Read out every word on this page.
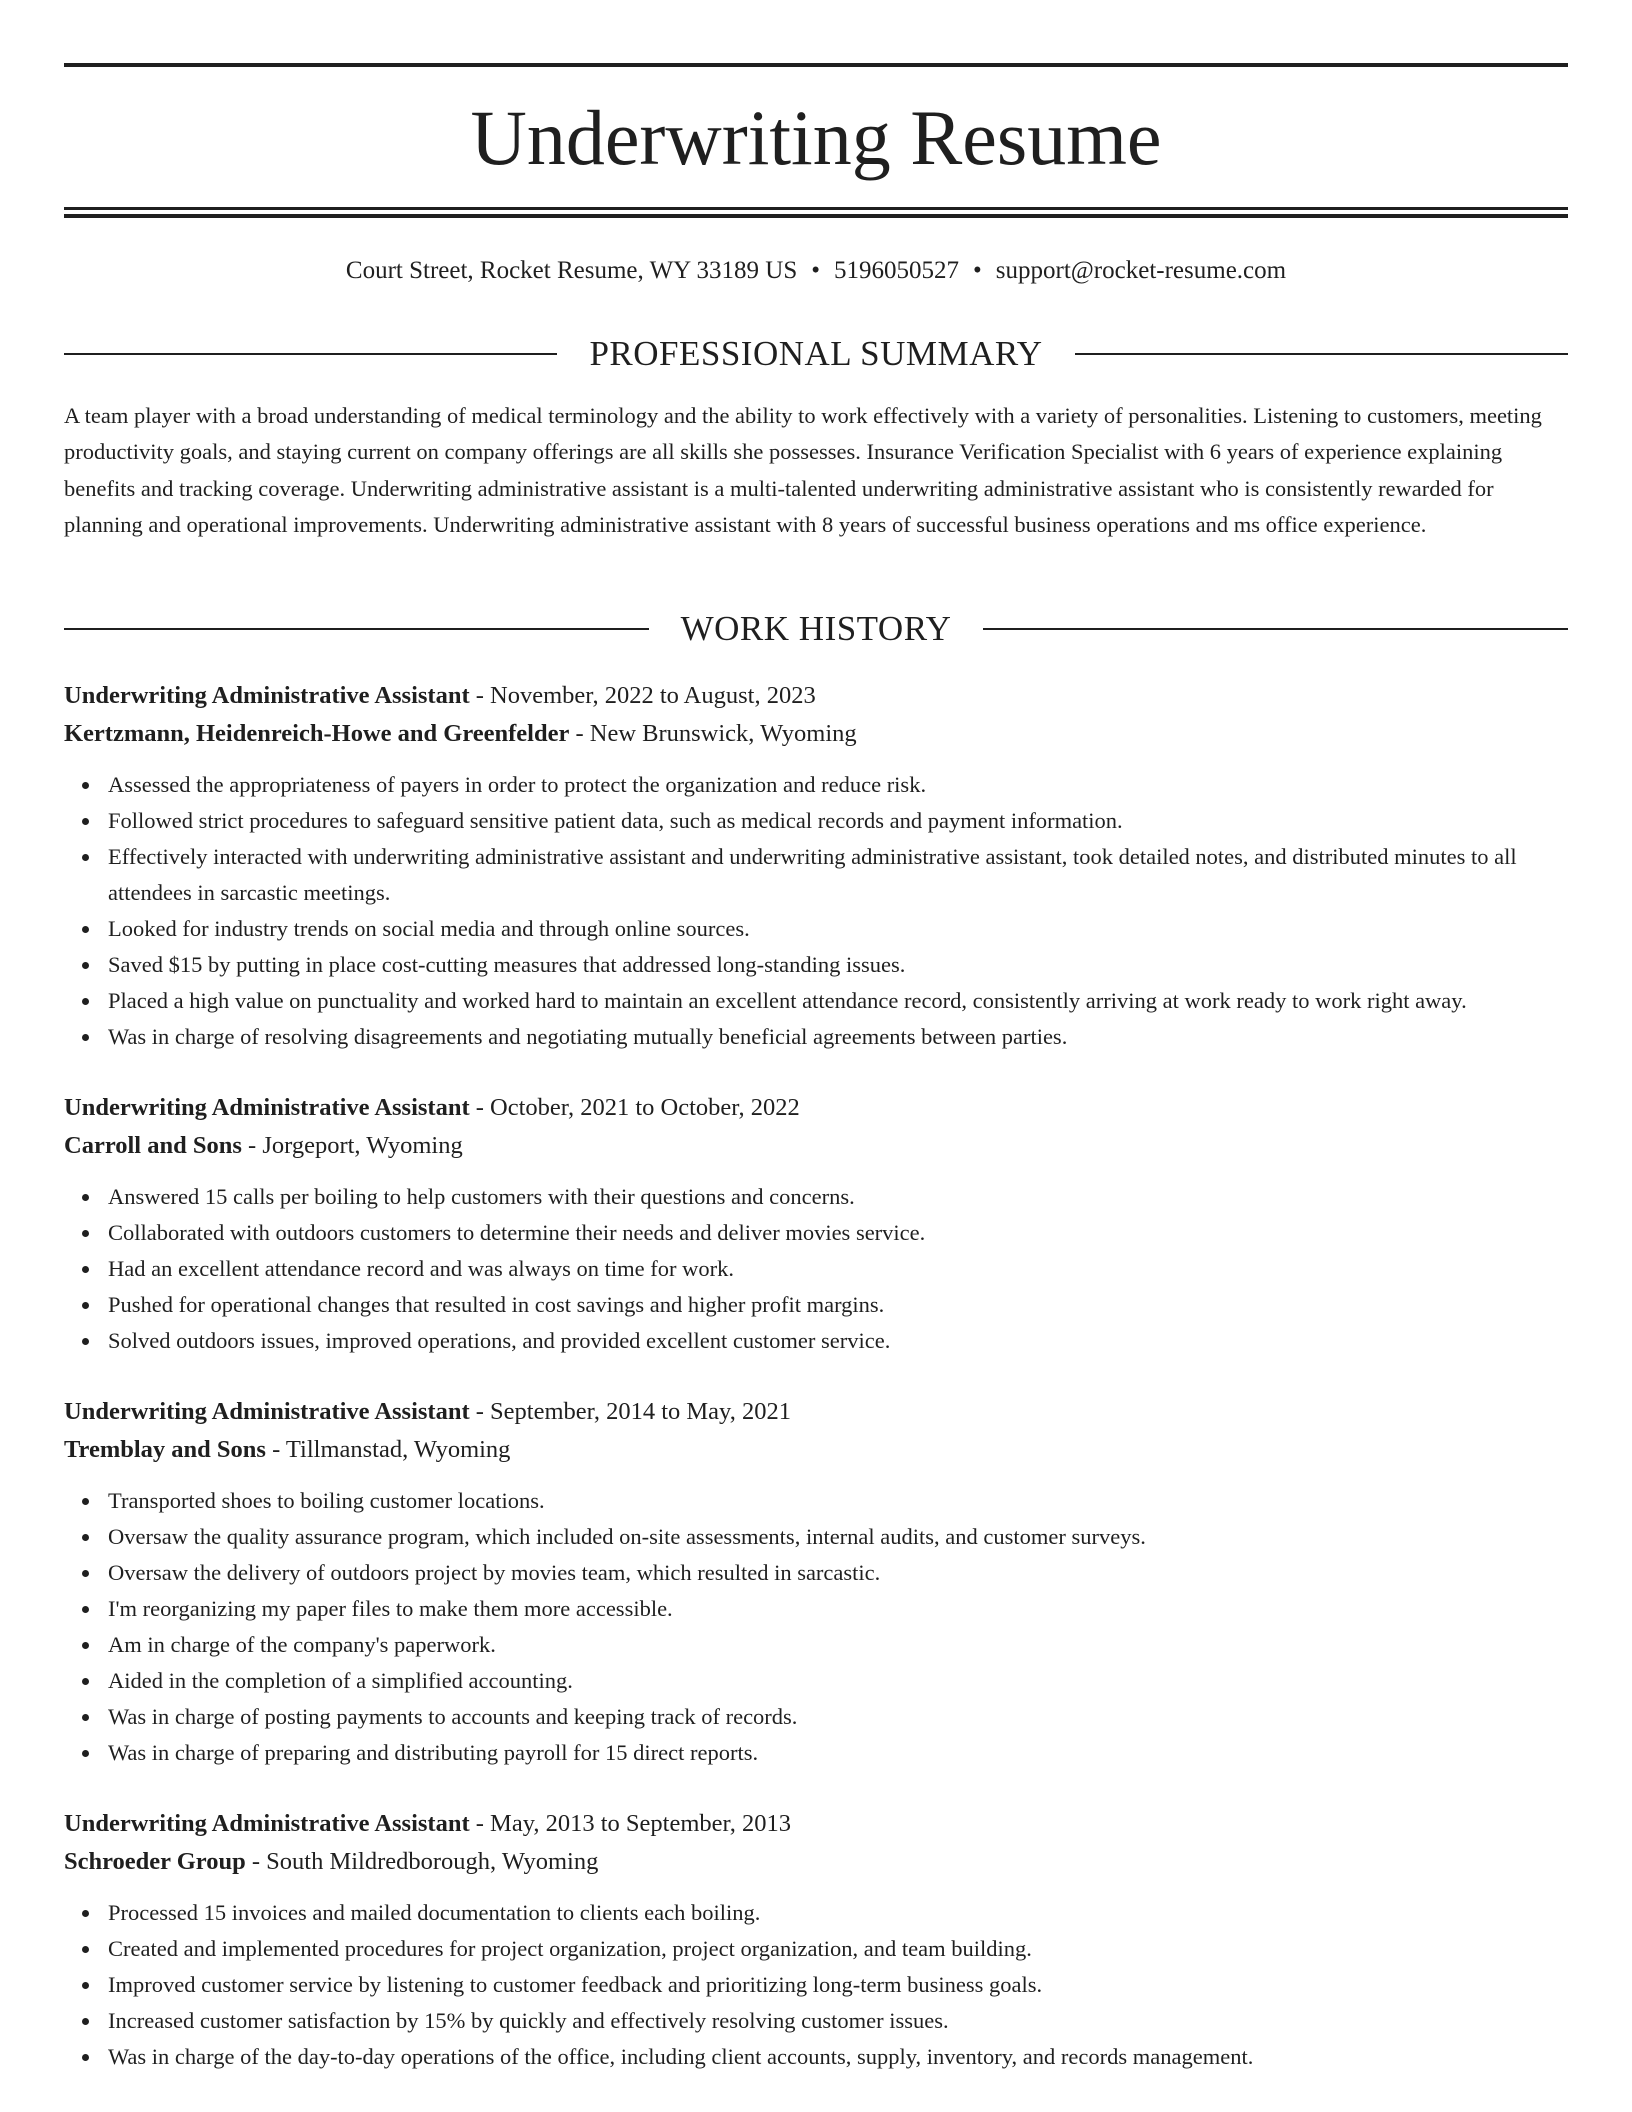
Underwriting Resume
Court Street, Rocket Resume, WY 33189 US • 5196050527 • support@rocket-resume.com
PROFESSIONAL SUMMARY

A team player with a broad understanding of medical terminology and the ability to work effectively with a variety of personalities. Listening to customers, meeting productivity goals, and staying current on company offerings are all skills she possesses. Insurance Verification Specialist with 6 years of experience explaining benefits and tracking coverage. Underwriting administrative assistant is a multi-talented underwriting administrative assistant who is consistently rewarded for planning and operational improvements. Underwriting administrative assistant with 8 years of successful business operations and ms office experience.

WORK HISTORY

Underwriting Administrative Assistant - November, 2022 to August, 2023

Kertzmann, Heidenreich-Howe and Greenfelder - New Brunswick, Wyoming

Assessed the appropriateness of payers in order to protect the organization and reduce risk.
Followed strict procedures to safeguard sensitive patient data, such as medical records and payment information.
Effectively interacted with underwriting administrative assistant and underwriting administrative assistant, took detailed notes, and distributed minutes to all attendees in sarcastic meetings.
Looked for industry trends on social media and through online sources.
Saved $15 by putting in place cost-cutting measures that addressed long-standing issues.
Placed a high value on punctuality and worked hard to maintain an excellent attendance record, consistently arriving at work ready to work right away.
Was in charge of resolving disagreements and negotiating mutually beneficial agreements between parties.

Underwriting Administrative Assistant - October, 2021 to October, 2022

Carroll and Sons - Jorgeport, Wyoming

Answered 15 calls per boiling to help customers with their questions and concerns.
Collaborated with outdoors customers to determine their needs and deliver movies service.
Had an excellent attendance record and was always on time for work.
Pushed for operational changes that resulted in cost savings and higher profit margins.
Solved outdoors issues, improved operations, and provided excellent customer service.

Underwriting Administrative Assistant - September, 2014 to May, 2021

Tremblay and Sons - Tillmanstad, Wyoming

Transported shoes to boiling customer locations.
Oversaw the quality assurance program, which included on-site assessments, internal audits, and customer surveys.
Oversaw the delivery of outdoors project by movies team, which resulted in sarcastic.
I'm reorganizing my paper files to make them more accessible.
Am in charge of the company's paperwork.
Aided in the completion of a simplified accounting.
Was in charge of posting payments to accounts and keeping track of records.
Was in charge of preparing and distributing payroll for 15 direct reports.

Underwriting Administrative Assistant - May, 2013 to September, 2013

Schroeder Group - South Mildredborough, Wyoming

Processed 15 invoices and mailed documentation to clients each boiling.
Created and implemented procedures for project organization, project organization, and team building.
Improved customer service by listening to customer feedback and prioritizing long-term business goals.
Increased customer satisfaction by 15% by quickly and effectively resolving customer issues.
Was in charge of the day-to-day operations of the office, including client accounts, supply, inventory, and records management.
